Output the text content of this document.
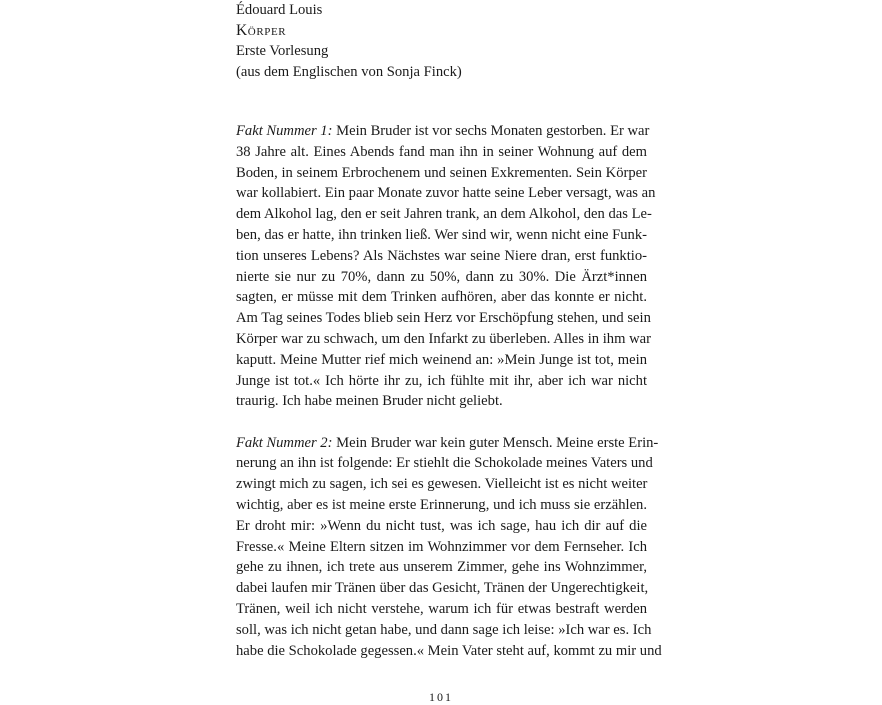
Édouard Louis
Körper
Erste Vorlesung
(aus dem Englischen von Sonja Finck)

Fakt Nummer 1: Mein Bruder ist vor sechs Monaten gestorben. Er war
38 Jahre alt. Eines Abends fand man ihn in seiner Wohnung auf dem
Boden, in seinem Erbrochenem und seinen Exkrementen. Sein Körper
war kollabiert. Ein paar Monate zuvor hatte seine Leber versagt, was an
dem Alkohol lag, den er seit Jahren trank, an dem Alkohol, den das Le-
ben, das er hatte, ihn trinken ließ. Wer sind wir, wenn nicht eine Funk-
tion unseres Lebens? Als Nächstes war seine Niere dran, erst funktio-
nierte sie nur zu 70%, dann zu 50%, dann zu 30%. Die Ärzt*innen
sagten, er müsse mit dem Trinken aufhören, aber das konnte er nicht.
Am Tag seines Todes blieb sein Herz vor Erschöpfung stehen, und sein
Körper war zu schwach, um den Infarkt zu überleben. Alles in ihm war
kaputt. Meine Mutter rief mich weinend an: »Mein Junge ist tot, mein
Junge ist tot.« Ich hörte ihr zu, ich fühlte mit ihr, aber ich war nicht
traurig. Ich habe meinen Bruder nicht geliebt.

Fakt Nummer 2: Mein Bruder war kein guter Mensch. Meine erste Erin-
nerung an ihn ist folgende: Er stiehlt die Schokolade meines Vaters und
zwingt mich zu sagen, ich sei es gewesen. Vielleicht ist es nicht weiter
wichtig, aber es ist meine erste Erinnerung, und ich muss sie erzählen.
Er droht mir: »Wenn du nicht tust, was ich sage, hau ich dir auf die
Fresse.« Meine Eltern sitzen im Wohnzimmer vor dem Fernseher. Ich
gehe zu ihnen, ich trete aus unserem Zimmer, gehe ins Wohnzimmer,
dabei laufen mir Tränen über das Gesicht, Tränen der Ungerechtigkeit,
Tränen, weil ich nicht verstehe, warum ich für etwas bestraft werden
soll, was ich nicht getan habe, und dann sage ich leise: »Ich war es. Ich
habe die Schokolade gegessen.« Mein Vater steht auf, kommt zu mir und

101
